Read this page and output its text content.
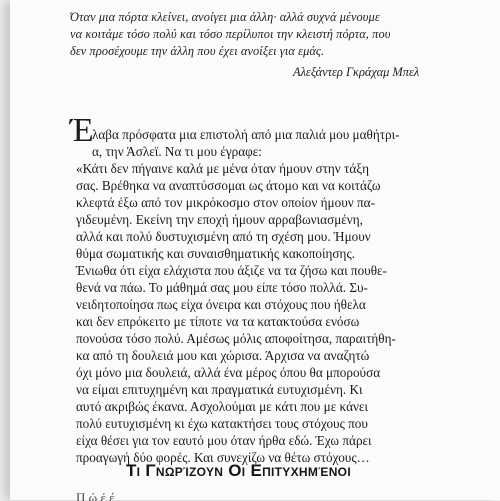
Όταν μια πόρτα κλείνει, ανοίγει μια άλλη· αλλά συχνά μένουμε
να κοιτάμε τόσο πολύ και τόσο περίλυποι την κλειστή πόρτα, που
δεν προσέχουμε την άλλη που έχει ανοίξει για εμάς.
Αλεξάντερ Γκράχαμ Μπελ
Έ
λαβα πρόσφατα μια επιστολή από μια παλιά μου μαθήτρι-
α, την Άσλεϊ. Να τι μου έγραφε:
«Κάτι δεν πήγαινε καλά με μένα όταν ήμουν στην τάξη
σας. Βρέθηκα να αναπτύσσομαι ως άτομο και να κοιτάζω
κλεφτά έξω από τον μικρόκοσμο στον οποίον ήμουν πα-
γιδευμένη. Εκείνη την εποχή ήμουν αρραβωνιασμένη,
αλλά και πολύ δυστυχισμένη από τη σχέση μου. Ήμουν
θύμα σωματικής και συναισθηματικής κακοποίησης.
Ένιωθα ότι είχα ελάχιστα που άξιζε να τα ζήσω και πουθε-
θενά να πάω. Το μάθημά σας μου είπε τόσο πολλά. Συ-
νειδητοποίησα πως είχα όνειρα και στόχους που ήθελα
και δεν επρόκειτο με τίποτε να τα κατακτούσα ενόσω
πονούσα τόσο πολύ. Αμέσως μόλις αποφοίτησα, παραιτήθη-
κα από τη δουλειά μου και χώρισα. Άρχισα να αναζητώ
όχι μόνο μια δουλειά, αλλά ένα μέρος όπου θα μπορούσα
να είμαι επιτυχημένη και πραγματικά ευτυχισμένη. Κι
αυτό ακριβώς έκανα. Ασχολούμαι με κάτι που με κάνει
πολύ ευτυχισμένη κι έχω κατακτήσει τους στόχους που
είχα θέσει για τον εαυτό μου όταν ήρθα εδώ. Έχω πάρει
προαγωγή δύο φορές. Και συνεχίζω να θέτω στόχους…
Τι Γνωρίζουν Οι Επιτυχημένοι
Π ώ έ έ
